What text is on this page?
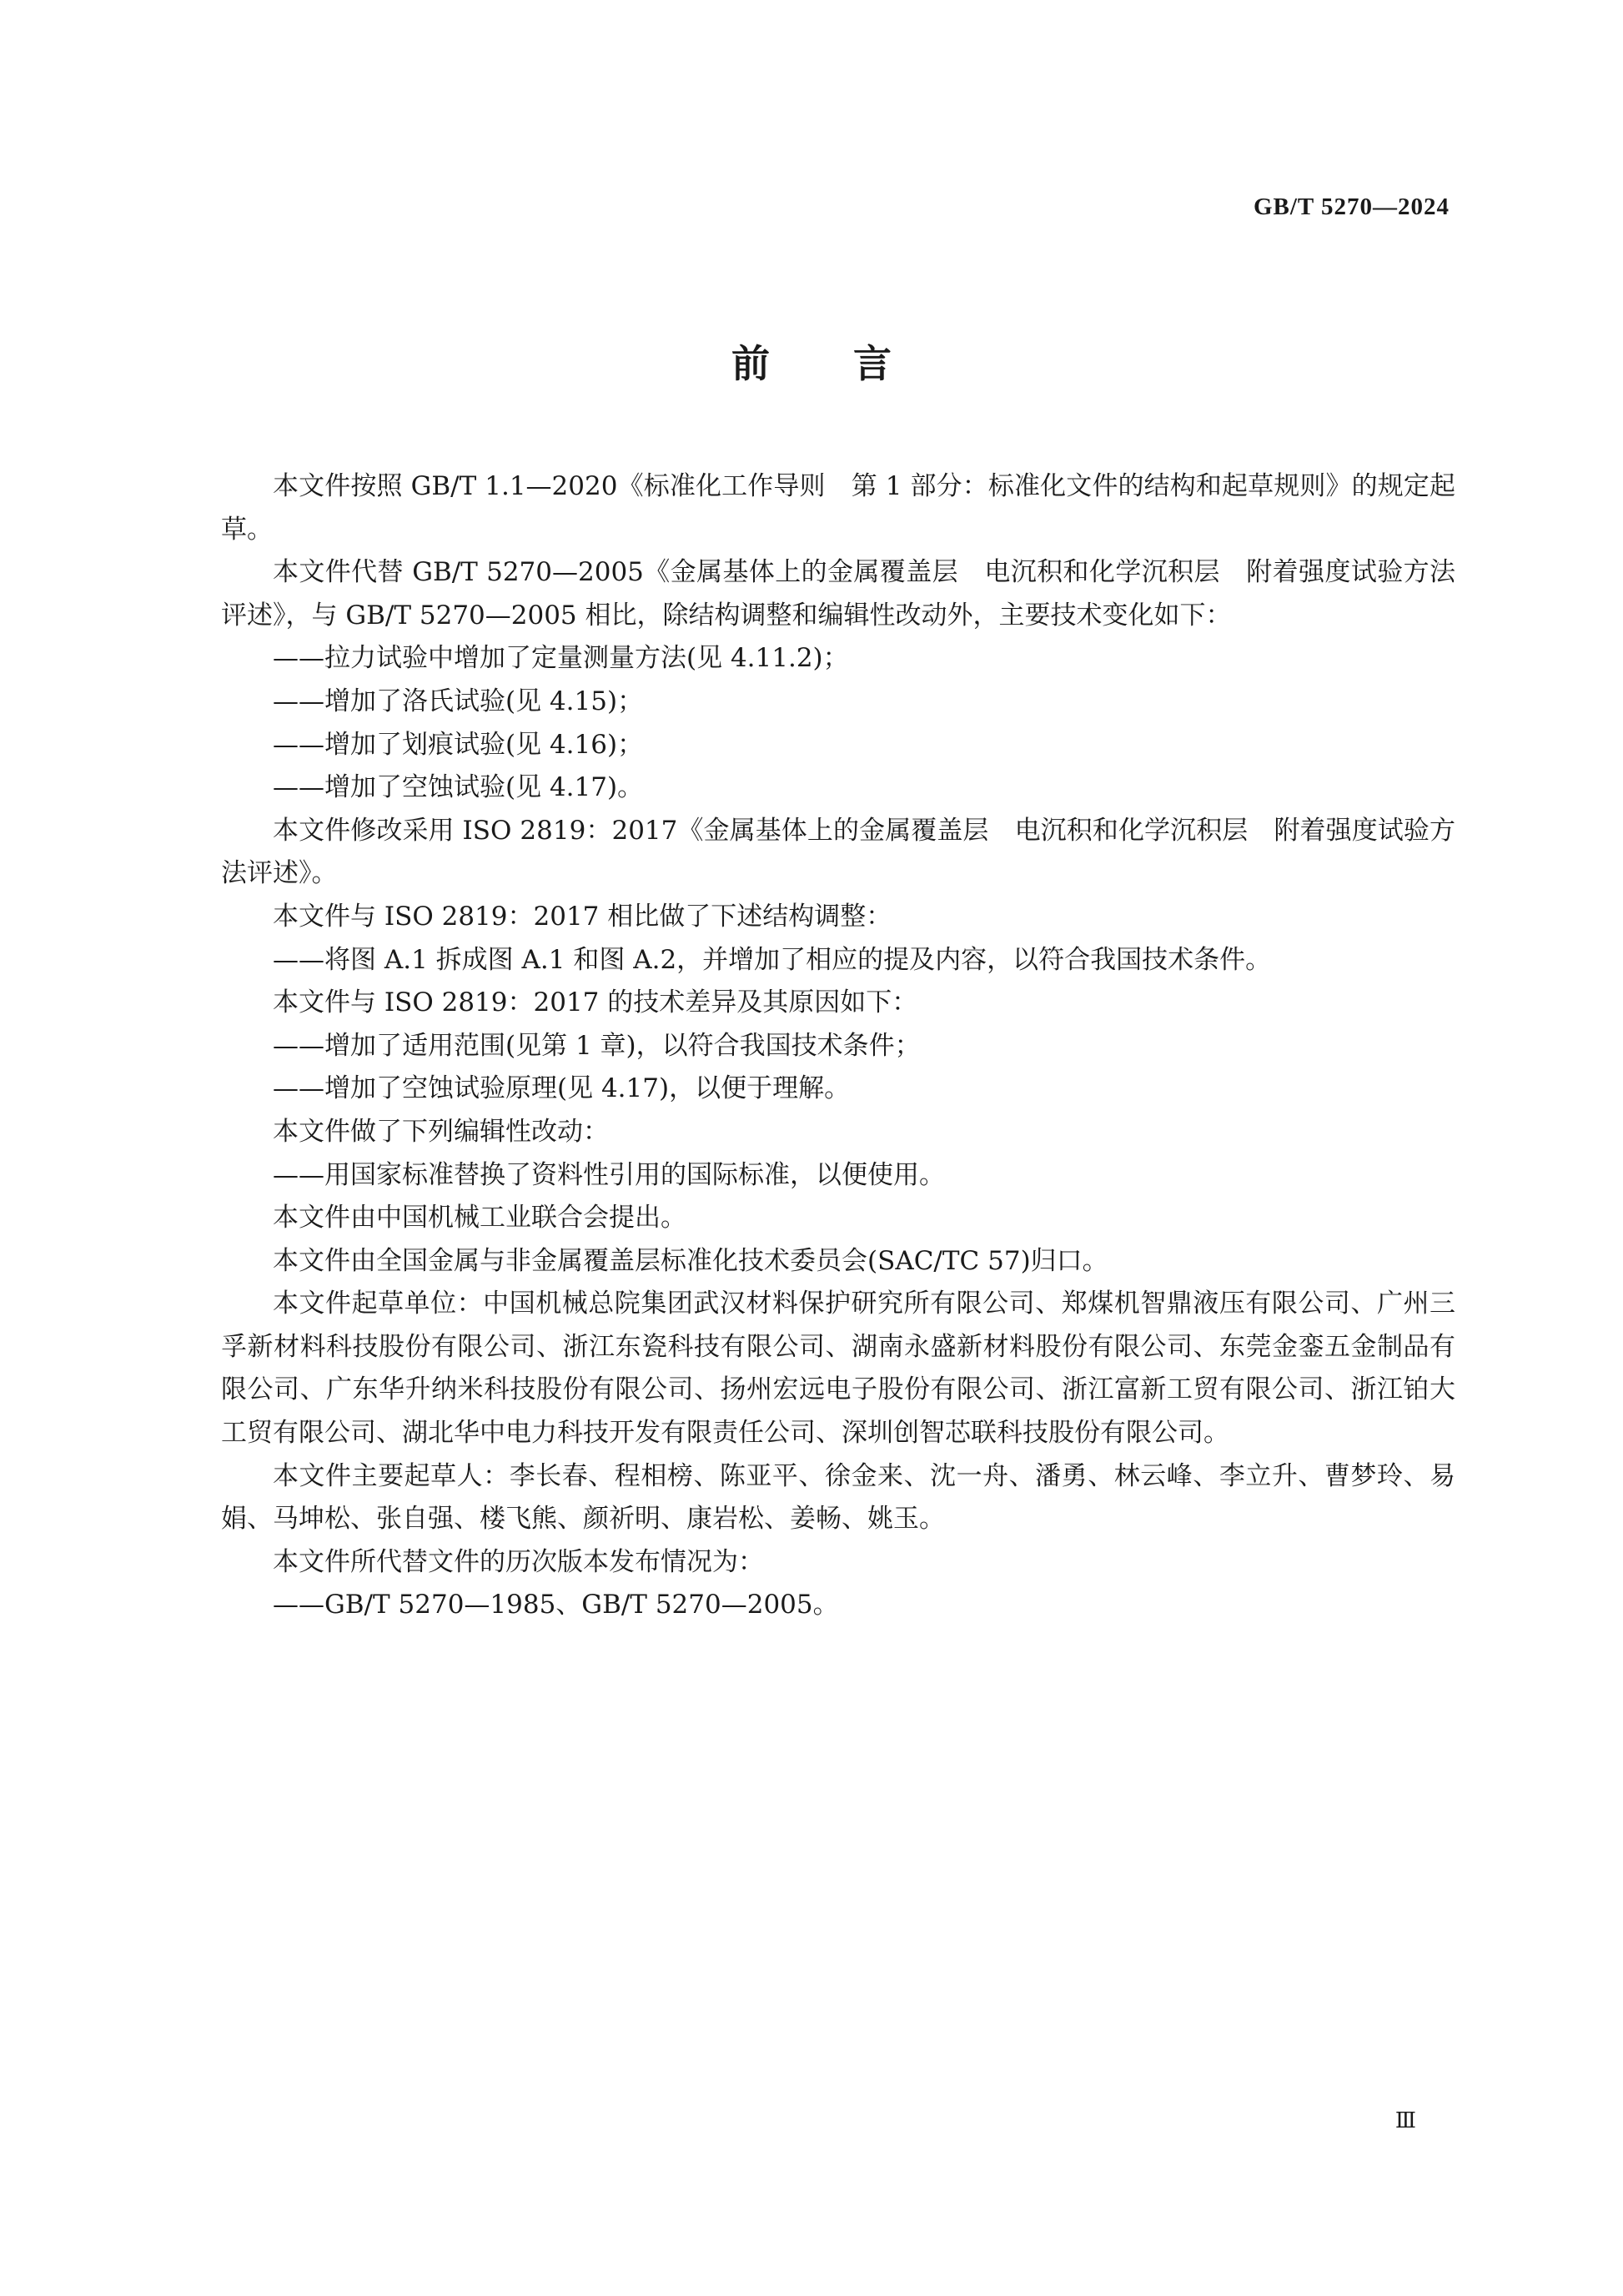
GB/T 5270—2024
前言

本文件按照 GB/T 1.1—2020《标准化工作导则　第 1 部分：标准化文件的结构和起草规则》的规定起草。

本文件代替 GB/T 5270—2005《金属基体上的金属覆盖层　电沉积和化学沉积层　附着强度试验方法评述》，与 GB/T 5270—2005 相比，除结构调整和编辑性改动外，主要技术变化如下：

——拉力试验中增加了定量测量方法(见 4.11.2)；

——增加了洛氏试验(见 4.15)；

——增加了划痕试验(见 4.16)；

——增加了空蚀试验(见 4.17)。

本文件修改采用 ISO 2819：2017《金属基体上的金属覆盖层　电沉积和化学沉积层　附着强度试验方法评述》。

本文件与 ISO 2819：2017 相比做了下述结构调整：

——将图 A.1 拆成图 A.1 和图 A.2，并增加了相应的提及内容，以符合我国技术条件。

本文件与 ISO 2819：2017 的技术差异及其原因如下：

——增加了适用范围(见第 1 章)，以符合我国技术条件；

——增加了空蚀试验原理(见 4.17)，以便于理解。

本文件做了下列编辑性改动：

——用国家标准替换了资料性引用的国际标准，以便使用。

本文件由中国机械工业联合会提出。

本文件由全国金属与非金属覆盖层标准化技术委员会(SAC/TC 57)归口。

本文件起草单位：中国机械总院集团武汉材料保护研究所有限公司、郑煤机智鼎液压有限公司、广州三孚新材料科技股份有限公司、浙江东瓷科技有限公司、湖南永盛新材料股份有限公司、东莞金銮五金制品有限公司、广东华升纳米科技股份有限公司、扬州宏远电子股份有限公司、浙江富新工贸有限公司、浙江铂大工贸有限公司、湖北华中电力科技开发有限责任公司、深圳创智芯联科技股份有限公司。

本文件主要起草人：李长春、程相榜、陈亚平、徐金来、沈一舟、潘勇、林云峰、李立升、曹梦玲、易娟、马坤松、张自强、楼飞熊、颜祈明、康岩松、姜畅、姚玉。

本文件所代替文件的历次版本发布情况为：

——GB/T 5270—1985、GB/T 5270—2005。

Ⅲ
